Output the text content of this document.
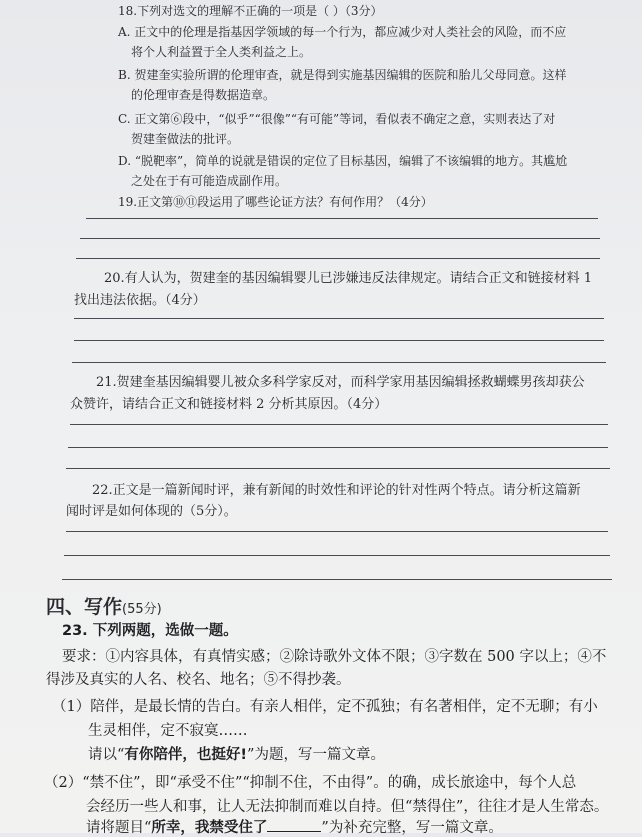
18.下列对选文的理解不正确的一项是（ ）（3分）
A. 正文中的伦理是指基因学领域的每一个行为，都应减少对人类社会的风险，而不应
将个人利益置于全人类利益之上。
B. 贺建奎实验所谓的伦理审查，就是得到实施基因编辑的医院和胎儿父母同意。这样
的伦理审查是得数据造章。
C. 正文第⑥段中，“似乎”“很像”“有可能”等词，看似表不确定之意，实则表达了对
贺建奎做法的批评。
D. “脱靶率”，简单的说就是错误的定位了目标基因，编辑了不该编辑的地方。其尴尬
之处在于有可能造成副作用。
19.正文第⑩⑪段运用了哪些论证方法？有何作用？（4分）
20.有人认为，贺建奎的基因编辑婴儿已涉嫌违反法律规定。请结合正文和链接材料 1
找出违法依据。（4分）
21.贺建奎基因编辑婴儿被众多科学家反对，而科学家用基因编辑拯救蝴蝶男孩却获公
众赞许，请结合正文和链接材料 2 分析其原因。（4分）
22.正文是一篇新闻时评，兼有新闻的时效性和评论的针对性两个特点。请分析这篇新
闻时评是如何体现的（5分）。
四、写作(55分)
23. 下列两题，选做一题。
要求：①内容具体，有真情实感；②除诗歌外文体不限；③字数在 500 字以上；④不
得涉及真实的人名、校名、地名；⑤不得抄袭。
（1）陪伴，是最长情的告白。有亲人相伴，定不孤独；有名著相伴，定不无聊；有小
生灵相伴，定不寂寞……
请以“有你陪伴，也挺好!”为题，写一篇文章。
（2）“禁不住”，即“承受不住”“抑制不住，不由得”。的确，成长旅途中，每个人总
会经历一些人和事，让人无法抑制而难以自持。但“禁得住”，往往才是人生常态。
请将题目“所幸，我禁受住了	”为补充完整，写一篇文章。
